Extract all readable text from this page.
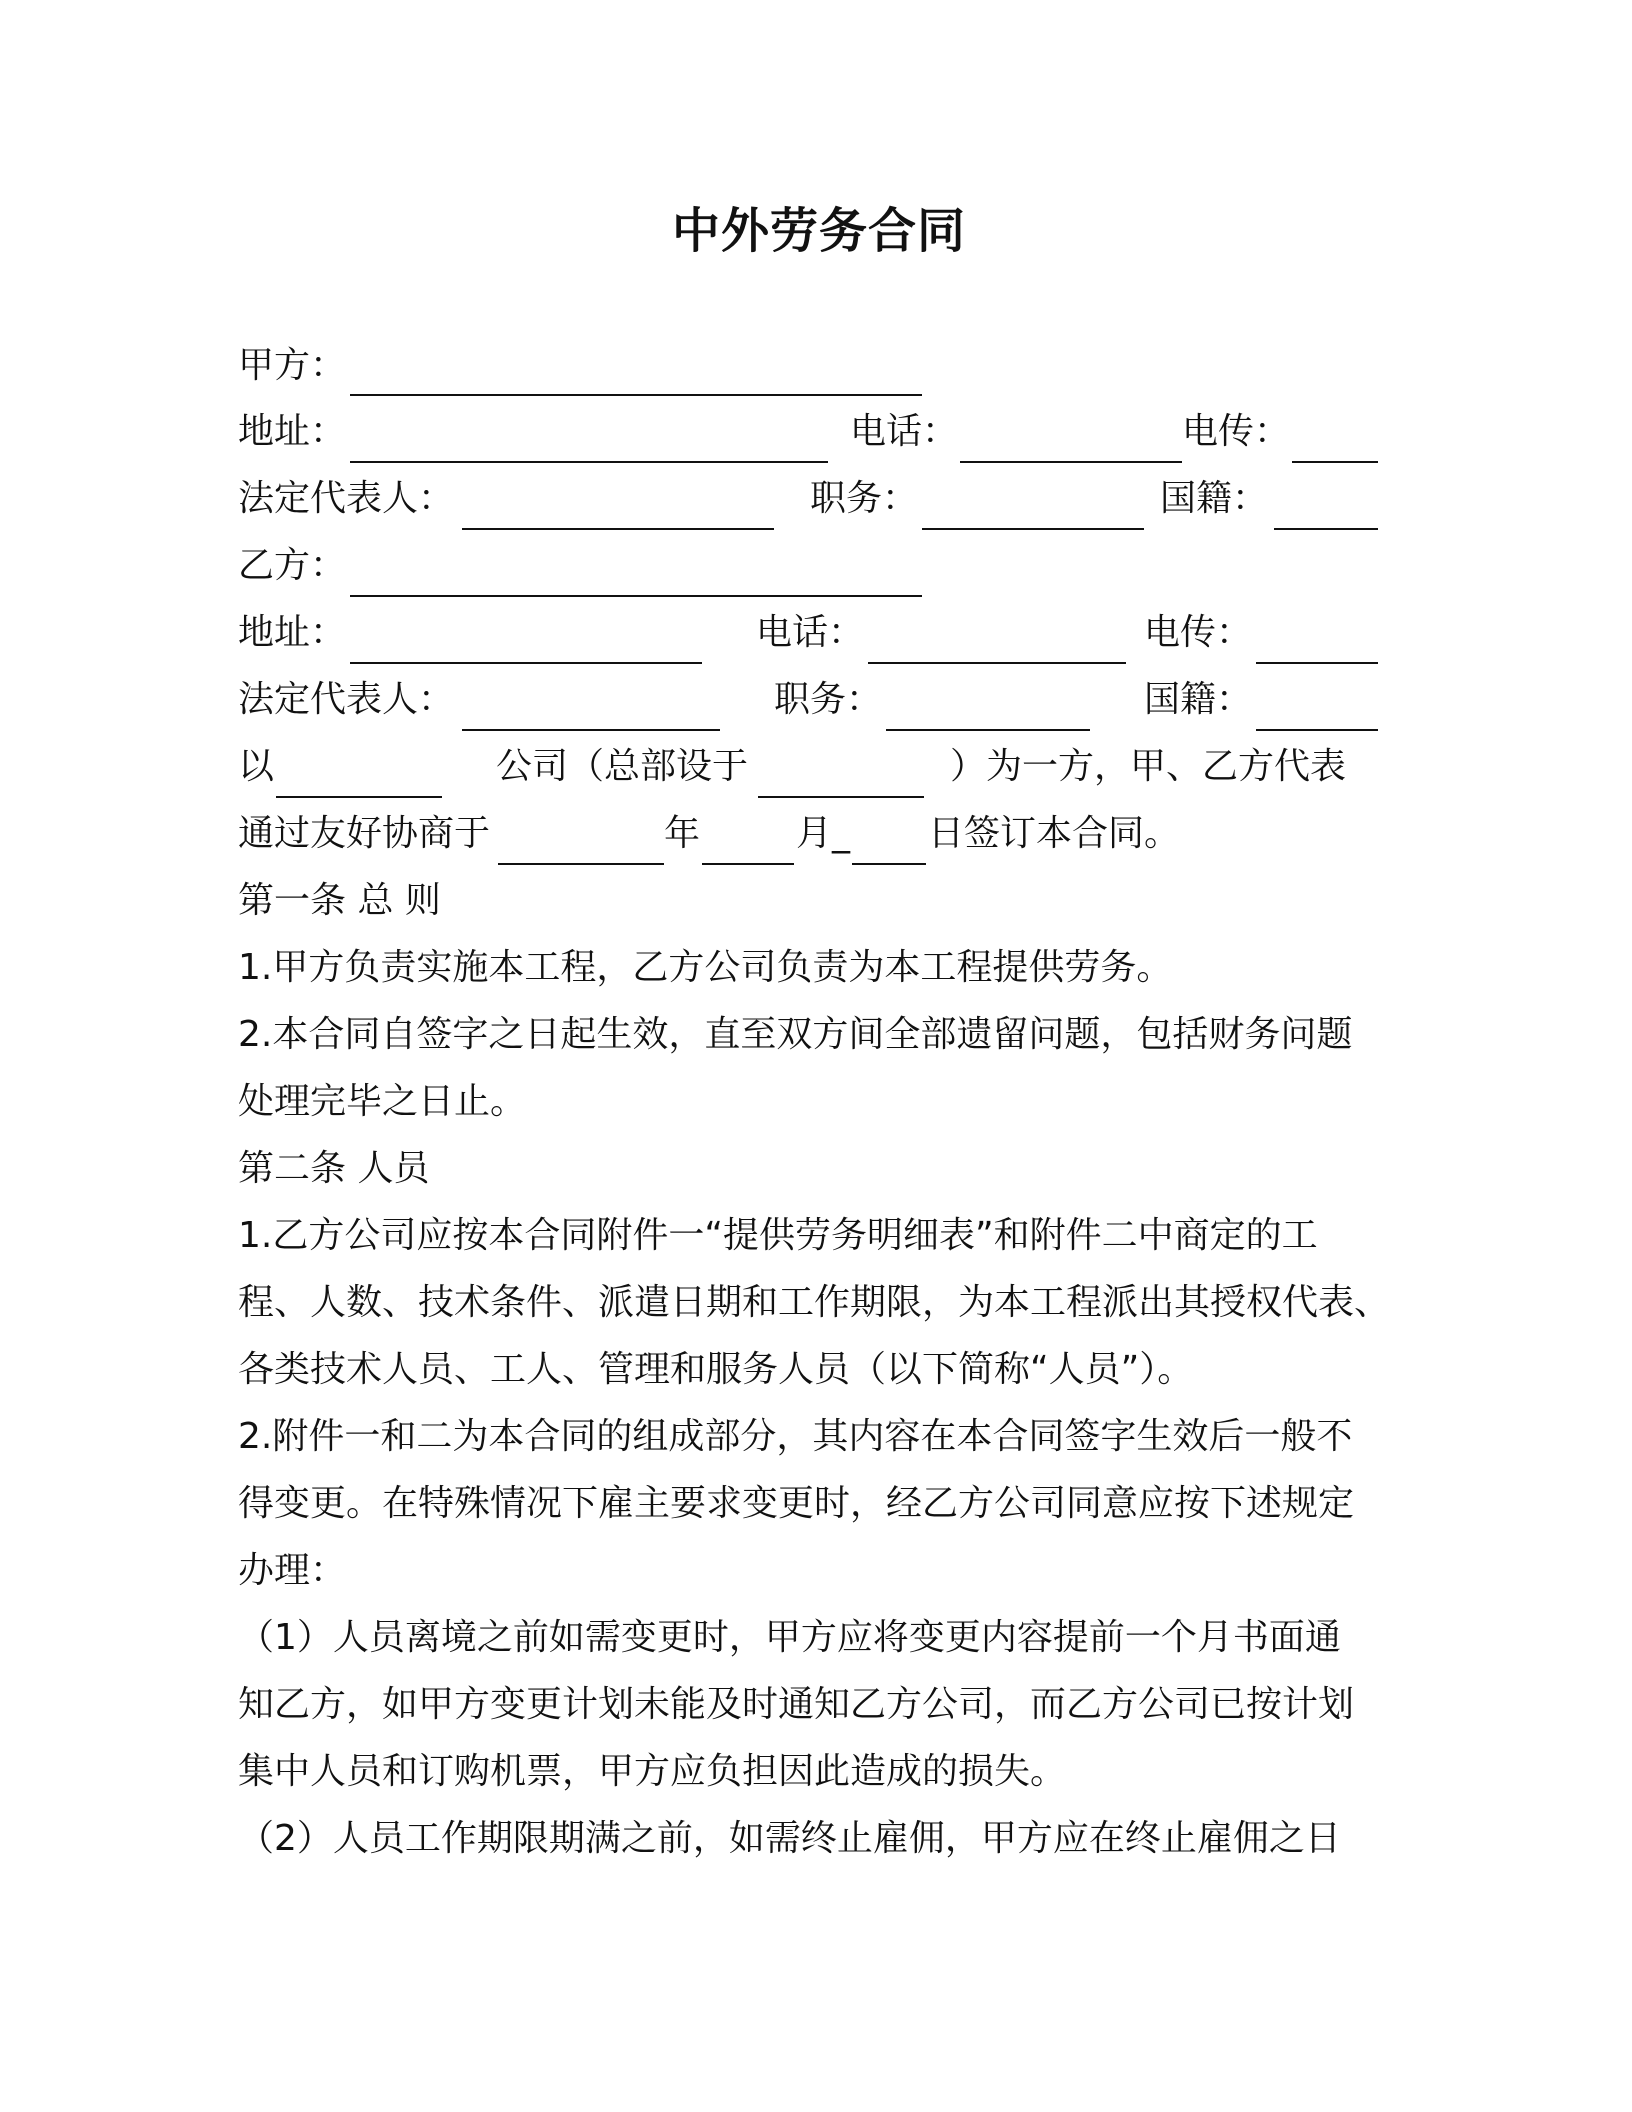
中外劳务合同
甲方：
地址：	电话：	电传：
法定代表人：	职务：	国籍：
乙方：
地址：	电话：	电传：
法定代表人：	职务：	国籍：
以	公司（总部设于	）为一方，甲、乙方代表
通过友好协商于	年	月_ 日签订本合同。
第一条 总 则
1.甲方负责实施本工程，乙方公司负责为本工程提供劳务。
2.本合同自签字之日起生效，直至双方间全部遗留问题，包括财务问题
处理完毕之日止。
第二条 人员
1.乙方公司应按本合同附件一“提供劳务明细表”和附件二中商定的工
程、人数、技术条件、派遣日期和工作期限，为本工程派出其授权代表、
各类技术人员、工人、管理和服务人员（以下简称“人员”）。
2.附件一和二为本合同的组成部分，其内容在本合同签字生效后一般不
得变更。在特殊情况下雇主要求变更时，经乙方公司同意应按下述规定
办理：
（1）人员离境之前如需变更时，甲方应将变更内容提前一个月书面通
知乙方，如甲方变更计划未能及时通知乙方公司，而乙方公司已按计划
集中人员和订购机票，甲方应负担因此造成的损失。
（2）人员工作期限期满之前，如需终止雇佣，甲方应在终止雇佣之日
